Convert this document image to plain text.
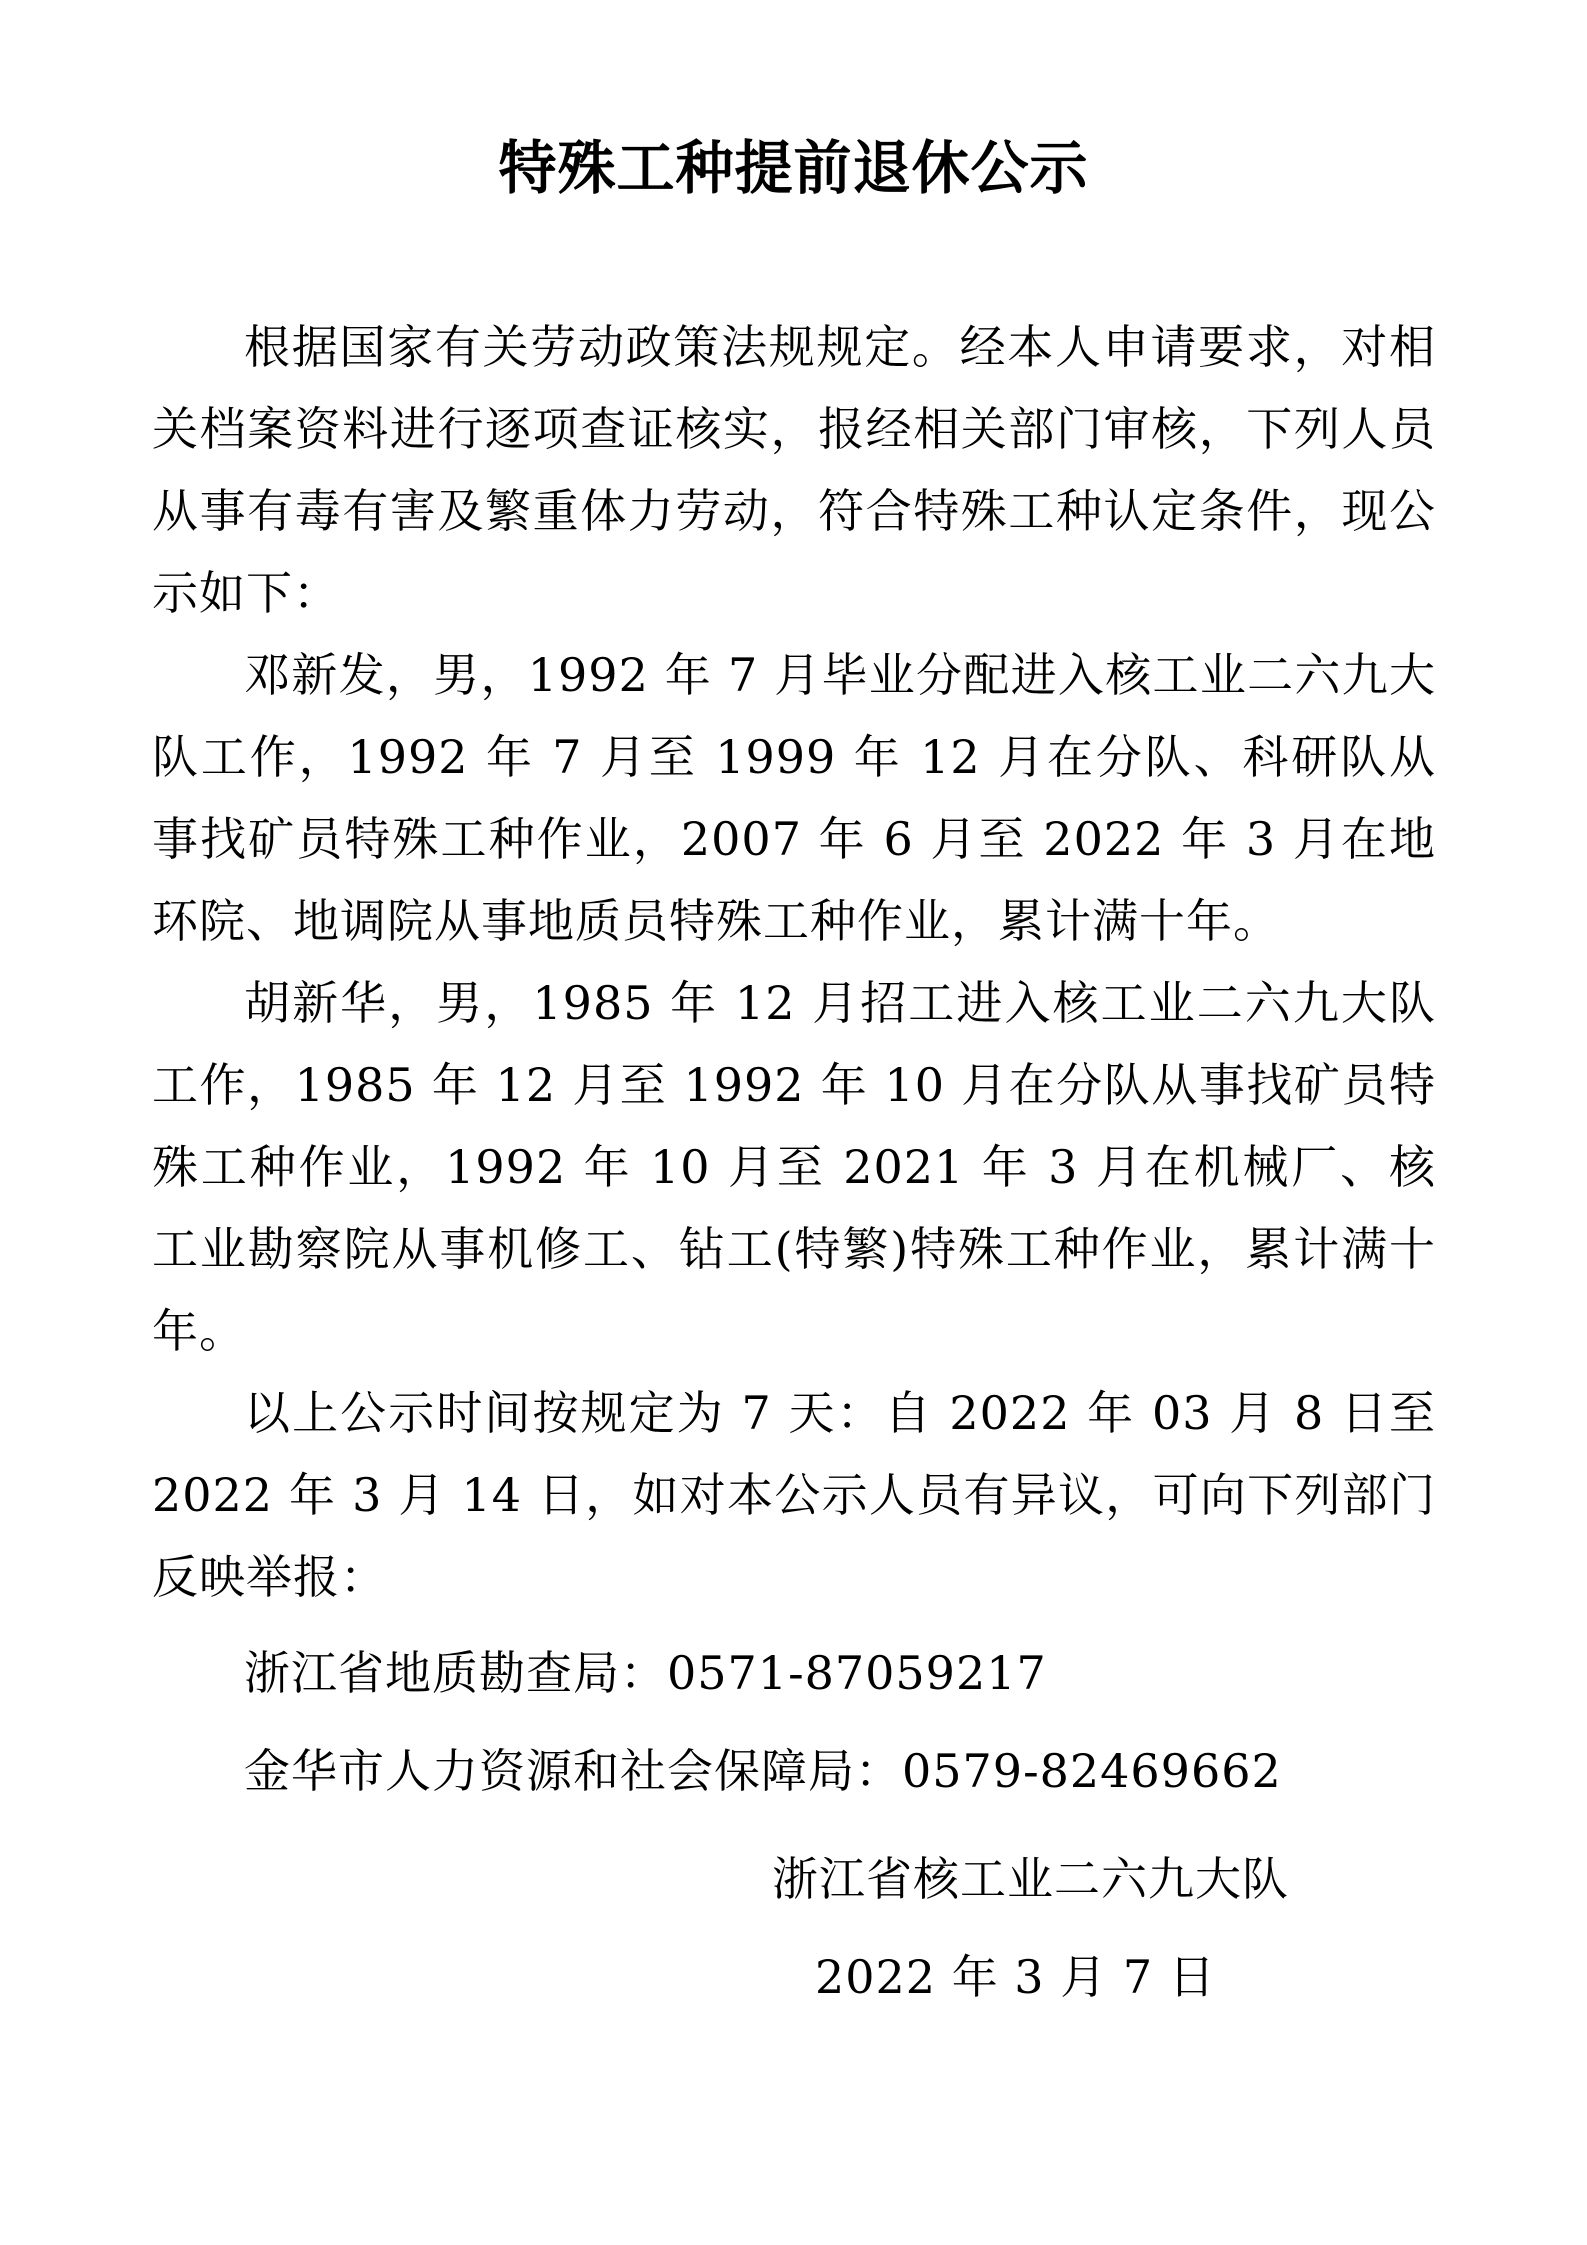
特殊工种提前退休公示

根据国家有关劳动政策法规规定。经本人申请要求，对相关档案资料进行逐项查证核实，报经相关部门审核，下列人员从事有毒有害及繁重体力劳动，符合特殊工种认定条件，现公示如下：

邓新发，男，1992 年 7 月毕业分配进入核工业二六九大队工作，1992 年 7 月至 1999 年 12 月在分队、科研队从事找矿员特殊工种作业，2007 年 6 月至 2022 年 3 月在地环院、地调院从事地质员特殊工种作业，累计满十年。

胡新华，男，1985 年 12 月招工进入核工业二六九大队工作，1985 年 12 月至 1992 年 10 月在分队从事找矿员特殊工种作业，1992 年 10 月至 2021 年 3 月在机械厂、核工业勘察院从事机修工、钻工(特繁)特殊工种作业，累计满十年。

以上公示时间按规定为 7 天：自 2022 年 03 月 8 日至 2022 年 3 月 14 日，如对本公示人员有异议，可向下列部门反映举报：

浙江省地质勘查局：0571-87059217

金华市人力资源和社会保障局：0579-82469662

浙江省核工业二六九大队
2022 年 3 月 7 日
